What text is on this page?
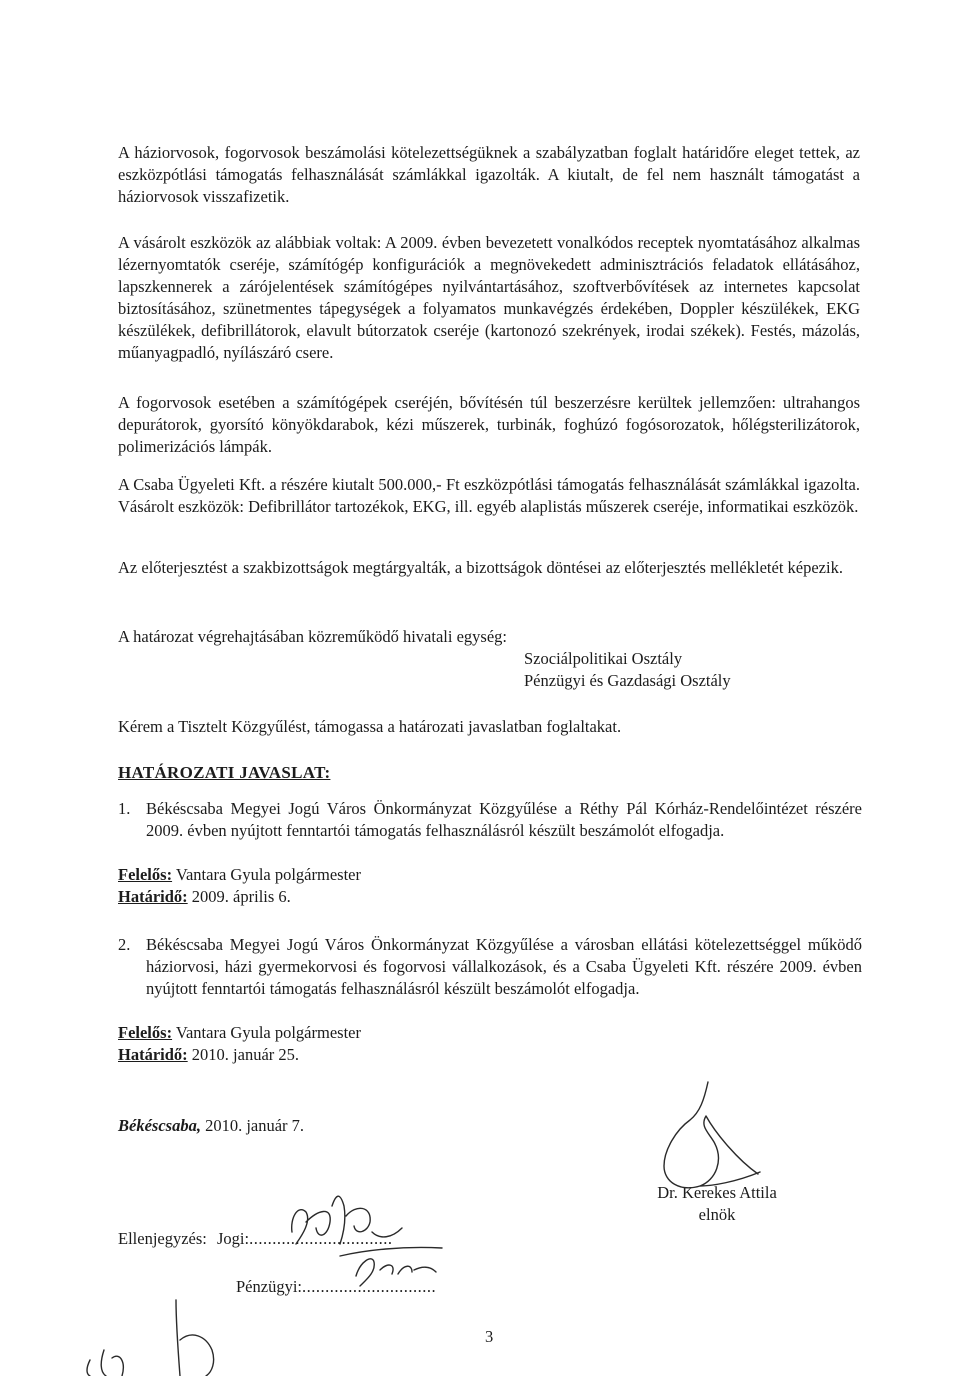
A háziorvosok, fogorvosok beszámolási kötelezettségüknek a szabályzatban foglalt határidőre eleget tettek, az eszközpótlási támogatás felhasználását számlákkal igazolták. A kiutalt, de fel nem használt támogatást a háziorvosok visszafizetik.

A vásárolt eszközök az alábbiak voltak: A 2009. évben bevezetett vonalkódos receptek nyomtatásához alkalmas lézernyomtatók cseréje, számítógép konfigurációk a megnövekedett adminisztrációs feladatok ellátásához, lapszkennerek a zárójelentések számítógépes nyilvántartásához, szoftverbővítések az internetes kapcsolat biztosításához, szünetmentes tápegységek a folyamatos munkavégzés érdekében, Doppler készülékek, EKG készülékek, defibrillátorok, elavult bútorzatok cseréje (kartonozó szekrények, irodai székek). Festés, mázolás, műanyagpadló, nyílászáró csere.

A fogorvosok esetében a számítógépek cseréjén, bővítésén túl beszerzésre kerültek jellemzően: ultrahangos depurátorok, gyorsító könyökdarabok, kézi műszerek, turbinák, foghúzó fogósorozatok, hőlégsterilizátorok, polimerizációs lámpák.

A Csaba Ügyeleti Kft. a részére kiutalt 500.000,- Ft eszközpótlási támogatás felhasználását számlákkal igazolta. Vásárolt eszközök: Defibrillátor tartozékok, EKG, ill. egyéb alaplistás műszerek cseréje, informatikai eszközök.

Az előterjesztést a szakbizottságok megtárgyalták, a bizottságok döntései az előterjesztés mellékletét képezik.

A határozat végrehajtásában közreműködő hivatali egység:

Szociálpolitikai Osztály
Pénzügyi és Gazdasági Osztály

Kérem a Tisztelt Közgyűlést, támogassa a határozati javaslatban foglaltakat.

HATÁROZATI JAVASLAT:
1. Békéscsaba Megyei Jogú Város Önkormányzat Közgyűlése a Réthy Pál Kórház-Rendelőintézet részére 2009. évben nyújtott fenntartói támogatás felhasználásról készült beszámolót elfogadja.

Felelős: Vantara Gyula polgármester
Határidő: 2009. április 6.
2. Békéscsaba Megyei Jogú Város Önkormányzat Közgyűlése a városban ellátási kötelezettséggel működő háziorvosi, házi gyermekorvosi és fogorvosi vállalkozások, és a Csaba Ügyeleti Kft. részére 2009. évben nyújtott fenntartói támogatás felhasználásról készült beszámolót elfogadja.

Felelős: Vantara Gyula polgármester
Határidő: 2010. január 25.
Békéscsaba, 2010. január 7.
Dr. Kerekes Attila
elnök
Ellenjegyzés: Jogi:...............................
Pénzügyi:.............................
3
